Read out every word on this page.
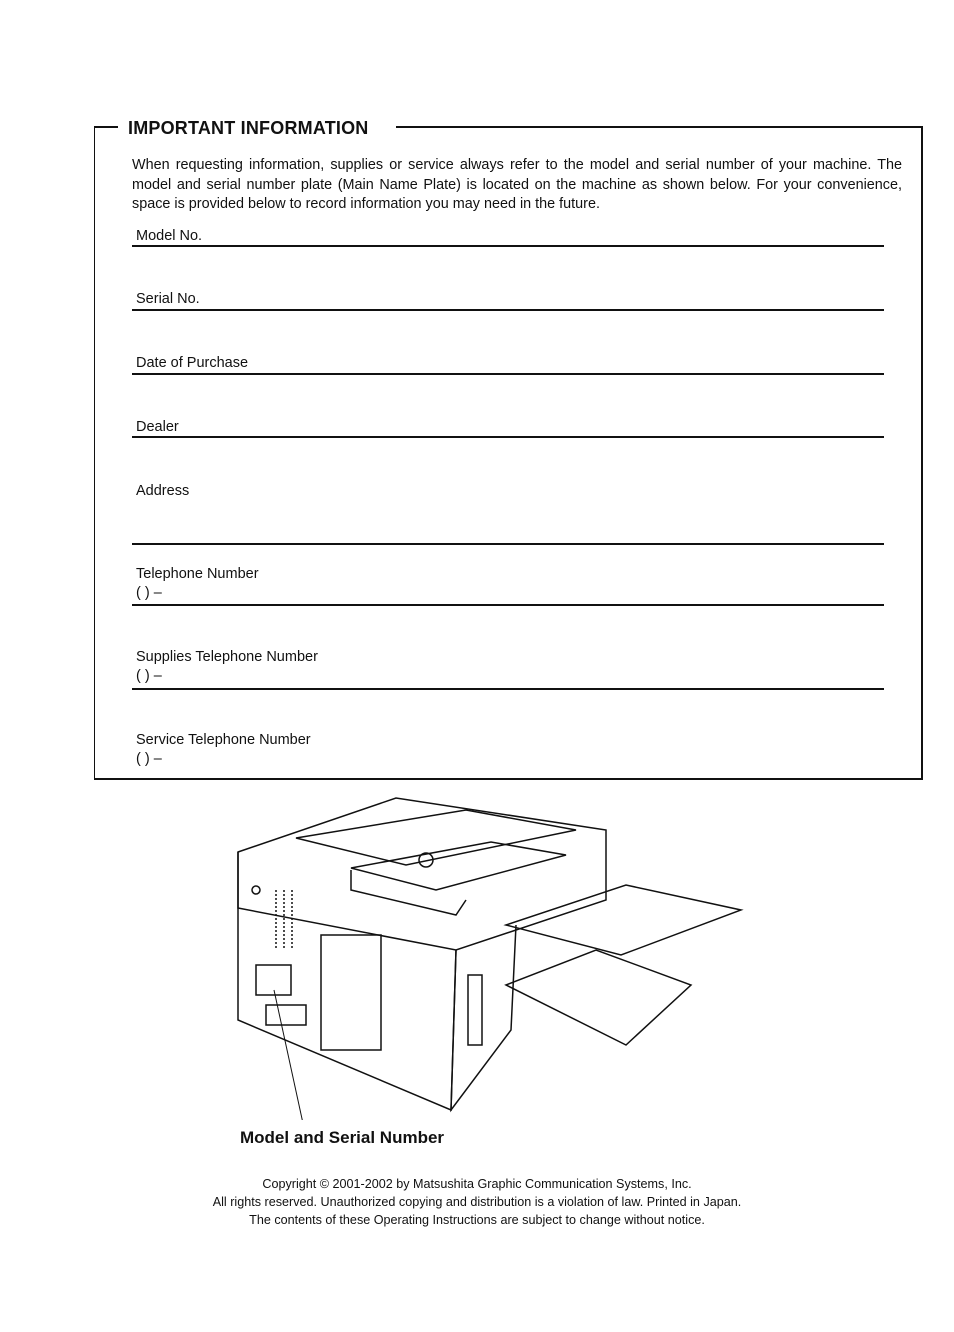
IMPORTANT INFORMATION

When requesting information, supplies or service always refer to the model and serial number of your machine. The model and serial number plate (Main Name Plate) is located on the machine as shown below. For your convenience, space is provided below to record information you may need in the future.

Model No.
Serial No.
Date of Purchase
Dealer
Address
Telephone Number
( ) –
Supplies Telephone Number
( ) –
Service Telephone Number
( ) –
Model and Serial Number
Copyright © 2001-2002 by Matsushita Graphic Communication Systems, Inc.
All rights reserved. Unauthorized copying and distribution is a violation of law. Printed in Japan.
The contents of these Operating Instructions are subject to change without notice.
